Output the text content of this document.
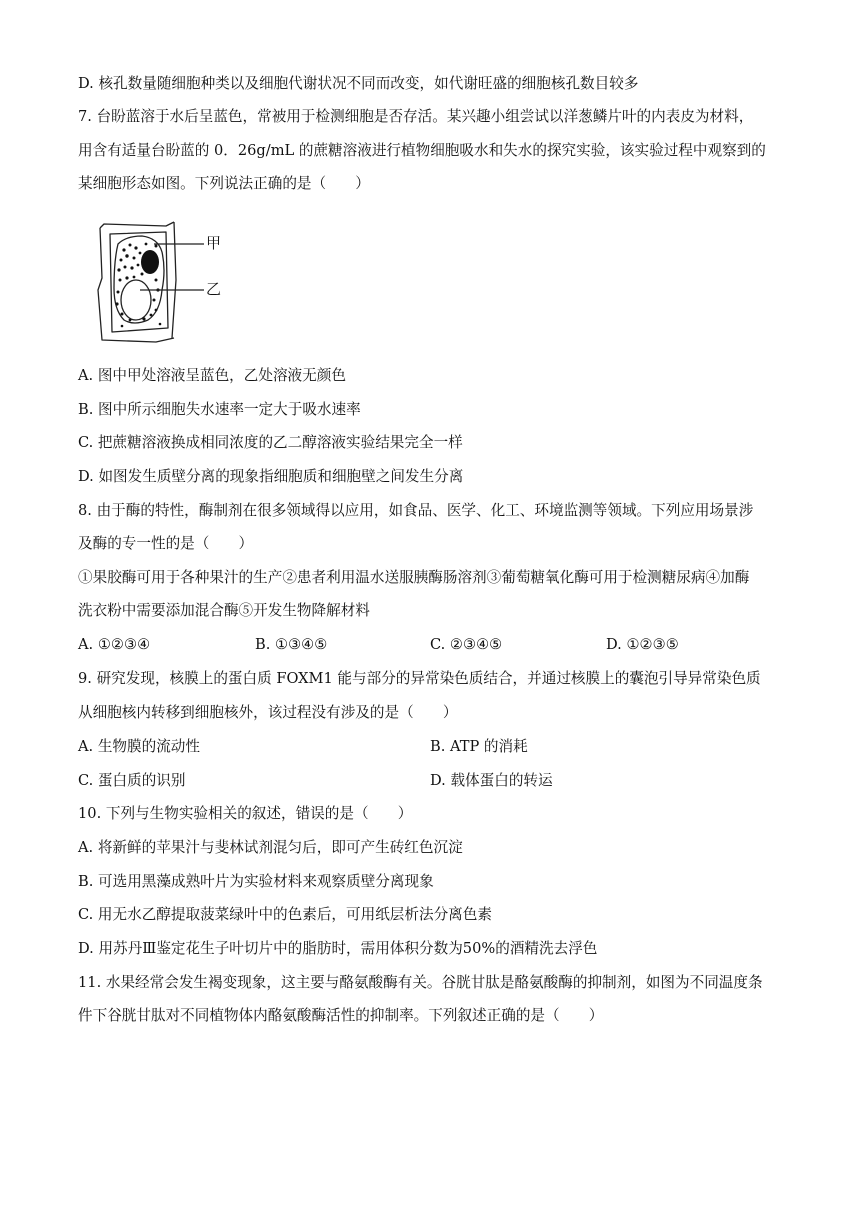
D. 核孔数量随细胞种类以及细胞代谢状况不同而改变，如代谢旺盛的细胞核孔数目较多
7. 台盼蓝溶于水后呈蓝色，常被用于检测细胞是否存活。某兴趣小组尝试以洋葱鳞片叶的内表皮为材料，
用含有适量台盼蓝的 0．26g/mL 的蔗糖溶液进行植物细胞吸水和失水的探究实验，该实验过程中观察到的
某细胞形态如图。下列说法正确的是（　　）
甲
乙
A. 图中甲处溶液呈蓝色，乙处溶液无颜色
B. 图中所示细胞失水速率一定大于吸水速率
C. 把蔗糖溶液换成相同浓度的乙二醇溶液实验结果完全一样
D. 如图发生质壁分离的现象指细胞质和细胞壁之间发生分离
8. 由于酶的特性，酶制剂在很多领域得以应用，如食品、医学、化工、环境监测等领域。下列应用场景涉
及酶的专一性的是（　　）
①果胶酶可用于各种果汁的生产②患者利用温水送服胰酶肠溶剂③葡萄糖氧化酶可用于检测糖尿病④加酶
洗衣粉中需要添加混合酶⑤开发生物降解材料
A. ①②③④	B. ①③④⑤	C. ②③④⑤	D. ①②③⑤
9. 研究发现，核膜上的蛋白质 FOXM1 能与部分的异常染色质结合，并通过核膜上的囊泡引导异常染色质
从细胞核内转移到细胞核外，该过程没有涉及的是（　　）
A. 生物膜的流动性	B. ATP 的消耗
C. 蛋白质的识别	D. 载体蛋白的转运
10. 下列与生物实验相关的叙述，错误的是（　　）
A. 将新鲜的苹果汁与斐林试剂混匀后，即可产生砖红色沉淀
B. 可选用黑藻成熟叶片为实验材料来观察质壁分离现象
C. 用无水乙醇提取菠菜绿叶中的色素后，可用纸层析法分离色素
D. 用苏丹Ⅲ鉴定花生子叶切片中的脂肪时，需用体积分数为50%的酒精洗去浮色
11. 水果经常会发生褐变现象，这主要与酪氨酸酶有关。谷胱甘肽是酪氨酸酶的抑制剂，如图为不同温度条
件下谷胱甘肽对不同植物体内酪氨酸酶活性的抑制率。下列叙述正确的是（　　）
